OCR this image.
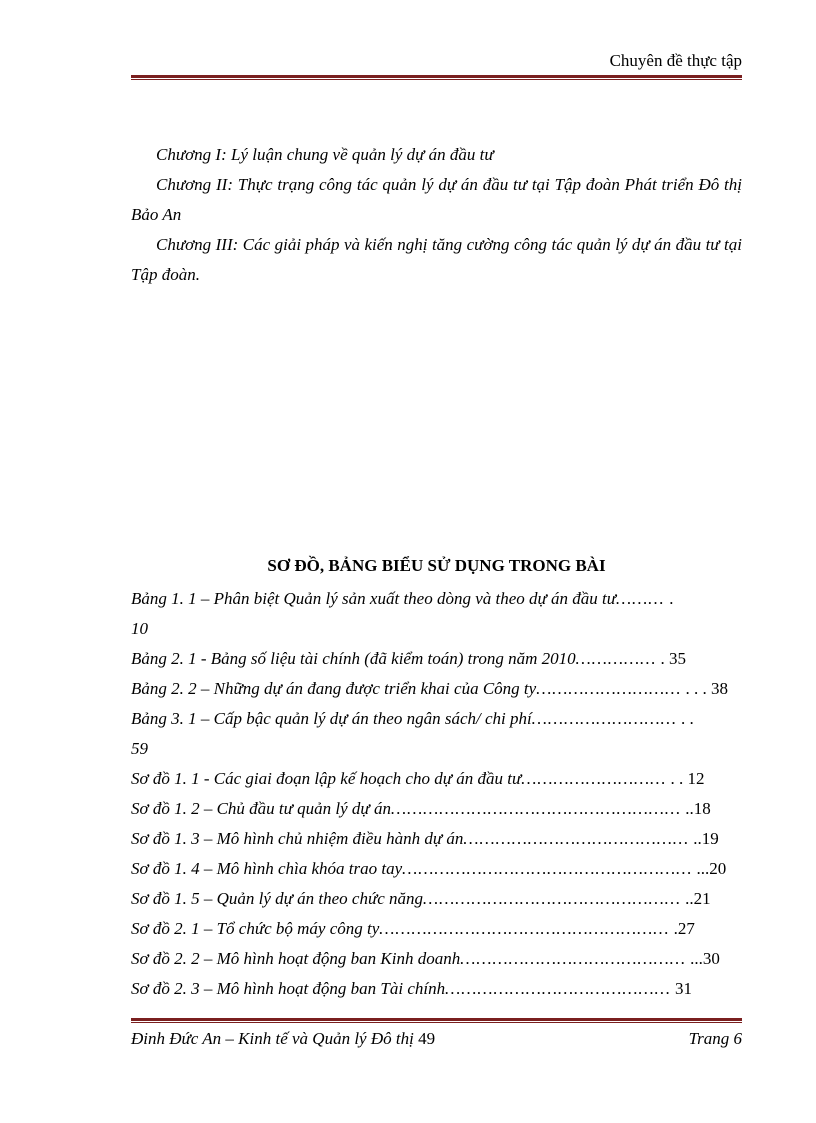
Chuyên đề thực tập

Chương I: Lý luận chung về quản lý dự án đầu tư

Chương II: Thực trạng công tác quản lý dự án đầu tư tại Tập đoàn Phát triển Đô thị Bảo An

Chương III: Các giải pháp và kiến nghị tăng cường công tác quản lý dự án đầu tư tại Tập đoàn.

SƠ ĐỒ, BẢNG BIỂU SỬ DỤNG TRONG BÀI
Bảng 1. 1 – Phân biệt Quản lý sản xuất theo dòng và theo dự án đầu tư……… .
10
Bảng 2. 1 - Bảng số liệu tài chính (đã kiểm toán) trong năm 2010…………… . 35
Bảng 2. 2 – Những dự án đang được triển khai của Công ty……………………… . . . 38
Bảng 3. 1 – Cấp bậc quản lý dự án theo ngân sách/ chi phí……………………… . .
59
Sơ đồ 1. 1 - Các giai đoạn lập kế hoạch cho dự án đầu tư……………………… . . 12
Sơ đồ 1. 2 – Chủ đầu tư quản lý dự án……………………………………………… ..18
Sơ đồ 1. 3 – Mô hình chủ nhiệm điều hành dự án…………………………………… ..19
Sơ đồ 1. 4 – Mô hình chìa khóa trao tay……………………………………………… ...20
Sơ đồ 1. 5 – Quản lý dự án theo chức năng………………………………………… ..21
Sơ đồ 2. 1 – Tổ chức bộ máy công ty……………………………………………… .27
Sơ đồ 2. 2 – Mô hình hoạt động ban Kinh doanh…………………………………… ...30
Sơ đồ 2. 3 – Mô hình hoạt động ban Tài chính…………………………………… 31
Đinh Đức An – Kinh tế và Quản lý Đô thị 49	Trang 6
